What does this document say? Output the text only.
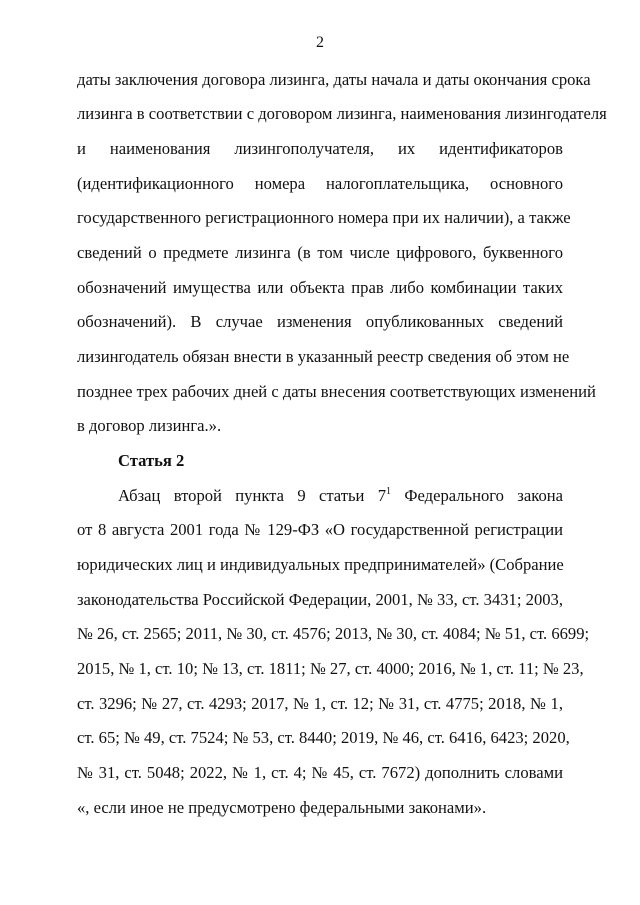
2
даты заключения договора лизинга, даты начала и даты окончания срока
лизинга в соответствии с договором лизинга, наименования лизингодателя
и наименования лизингополучателя, их идентификаторов
(идентификационного номера налогоплательщика, основного
государственного регистрационного номера при их наличии), а также
сведений о предмете лизинга (в том числе цифрового, буквенного
обозначений имущества или объекта прав либо комбинации таких
обозначений). В случае изменения опубликованных сведений
лизингодатель обязан внести в указанный реестр сведения об этом не
позднее трех рабочих дней с даты внесения соответствующих изменений
в договор лизинга.».
Статья 2
Абзац второй пункта 9 статьи $7^1$ Федерального закона
от 8 августа 2001 года № 129-ФЗ «О государственной регистрации
юридических лиц и индивидуальных предпринимателей» (Собрание
законодательства Российской Федерации, 2001, № 33, ст. 3431; 2003,
№ 26, ст. 2565; 2011, № 30, ст. 4576; 2013, № 30, ст. 4084; № 51, ст. 6699;
2015, № 1, ст. 10; № 13, ст. 1811; № 27, ст. 4000; 2016, № 1, ст. 11; № 23,
ст. 3296; № 27, ст. 4293; 2017, № 1, ст. 12; № 31, ст. 4775; 2018, № 1,
ст. 65; № 49, ст. 7524; № 53, ст. 8440; 2019, № 46, ст. 6416, 6423; 2020,
№ 31, ст. 5048; 2022, № 1, ст. 4; № 45, ст. 7672) дополнить словами
«, если иное не предусмотрено федеральными законами».
